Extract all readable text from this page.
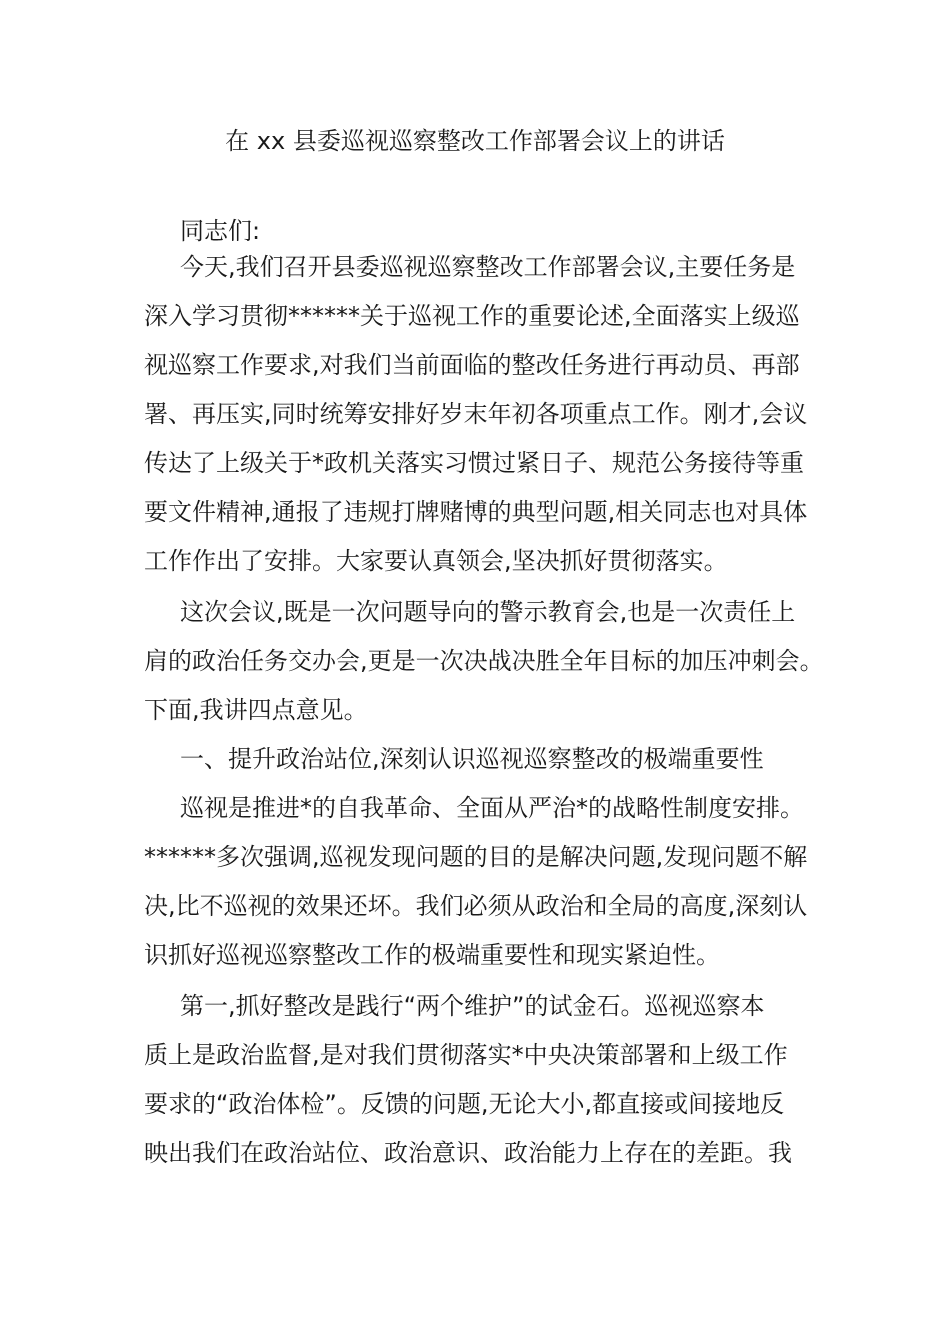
在 xx 县委巡视巡察整改工作部署会议上的讲话
同志们:
今天,我们召开县委巡视巡察整改工作部署会议,主要任务是
深入学习贯彻******关于巡视工作的重要论述,全面落实上级巡
视巡察工作要求,对我们当前面临的整改任务进行再动员、再部
署、再压实,同时统筹安排好岁末年初各项重点工作。刚才,会议
传达了上级关于*政机关落实习惯过紧日子、规范公务接待等重
要文件精神,通报了违规打牌赌博的典型问题,相关同志也对具体
工作作出了安排。大家要认真领会,坚决抓好贯彻落实。
这次会议,既是一次问题导向的警示教育会,也是一次责任上
肩的政治任务交办会,更是一次决战决胜全年目标的加压冲刺会。
下面,我讲四点意见。
一、提升政治站位,深刻认识巡视巡察整改的极端重要性
巡视是推进*的自我革命、全面从严治*的战略性制度安排。
******多次强调,巡视发现问题的目的是解决问题,发现问题不解
决,比不巡视的效果还坏。我们必须从政治和全局的高度,深刻认
识抓好巡视巡察整改工作的极端重要性和现实紧迫性。
第一,抓好整改是践行“两个维护”的试金石。巡视巡察本
质上是政治监督,是对我们贯彻落实*中央决策部署和上级工作
要求的“政治体检”。反馈的问题,无论大小,都直接或间接地反
映出我们在政治站位、政治意识、政治能力上存在的差距。我
